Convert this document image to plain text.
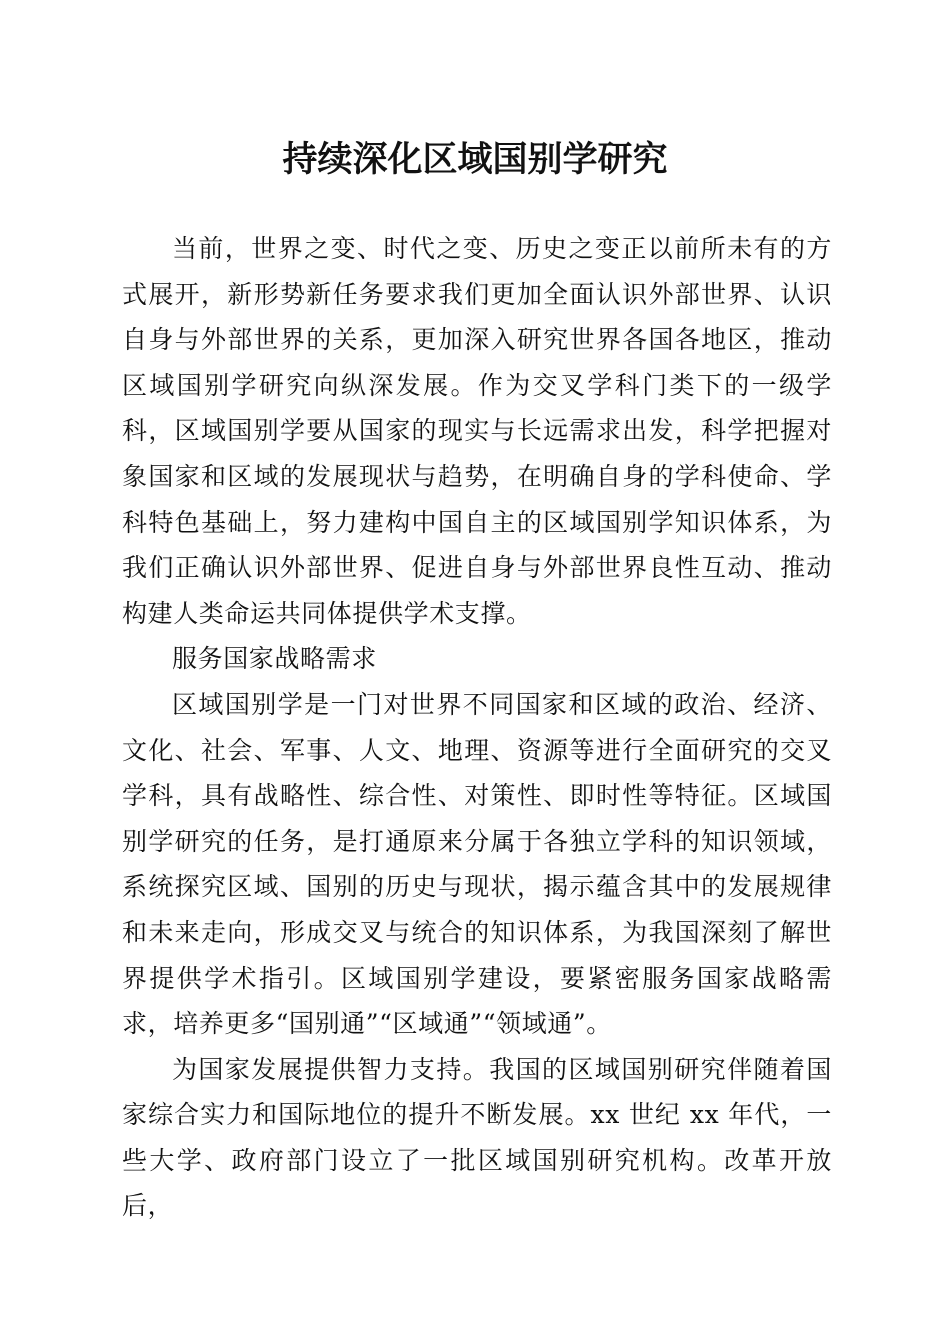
持续深化区域国别学研究

当前，世界之变、时代之变、历史之变正以前所未有的方式展开，新形势新任务要求我们更加全面认识外部世界、认识自身与外部世界的关系，更加深入研究世界各国各地区，推动区域国别学研究向纵深发展。作为交叉学科门类下的一级学科，区域国别学要从国家的现实与长远需求出发，科学把握对象国家和区域的发展现状与趋势，在明确自身的学科使命、学科特色基础上，努力建构中国自主的区域国别学知识体系，为我们正确认识外部世界、促进自身与外部世界良性互动、推动构建人类命运共同体提供学术支撑。

服务国家战略需求

区域国别学是一门对世界不同国家和区域的政治、经济、文化、社会、军事、人文、地理、资源等进行全面研究的交叉学科，具有战略性、综合性、对策性、即时性等特征。区域国别学研究的任务，是打通原来分属于各独立学科的知识领域，系统探究区域、国别的历史与现状，揭示蕴含其中的发展规律和未来走向，形成交叉与统合的知识体系，为我国深刻了解世界提供学术指引。区域国别学建设，要紧密服务国家战略需求，培养更多“国别通”“区域通”“领域通”。

为国家发展提供智力支持。我国的区域国别研究伴随着国家综合实力和国际地位的提升不断发展。xx 世纪 xx 年代，一些大学、政府部门设立了一批区域国别研究机构。改革开放后，
